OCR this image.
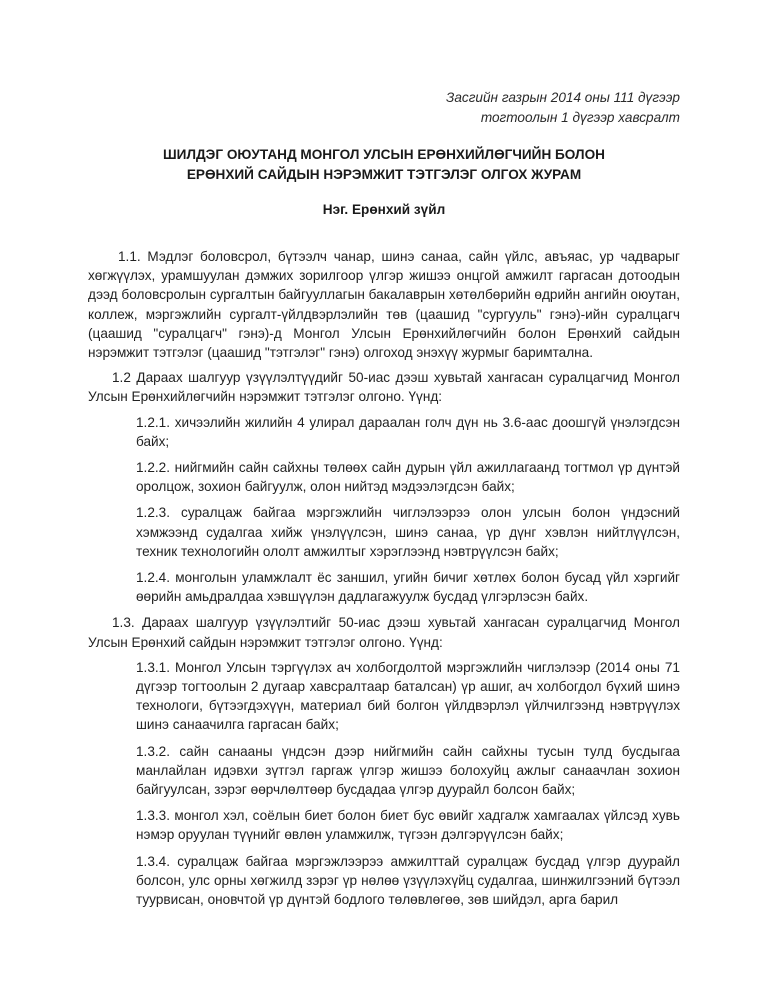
Засгийн газрын 2014 оны 111 дүгээр
тогтоолын 1 дүгээр хавсралт
ШИЛДЭГ ОЮУТАНД МОНГОЛ УЛСЫН ЕРӨНХИЙЛӨГЧИЙН БОЛОН
ЕРӨНХИЙ САЙДЫН НЭРЭМЖИТ ТЭТГЭЛЭГ ОЛГОХ ЖУРАМ
Нэг. Ерөнхий зүйл

1.1. Мэдлэг боловсрол, бүтээлч чанар, шинэ санаа, сайн үйлс, авъяас, ур чадварыг хөгжүүлэх, урамшуулан дэмжих зорилгоор үлгэр жишээ онцгой амжилт гаргасан дотоодын дээд боловсролын сургалтын байгууллагын бакалаврын хөтөлбөрийн өдрийн ангийн оюутан, коллеж, мэргэжлийн сургалт-үйлдвэрлэлийн төв (цаашид "сургууль" гэнэ)-ийн суралцагч (цаашид "суралцагч" гэнэ)-д Монгол Улсын Ерөнхийлөгчийн болон Ерөнхий сайдын нэрэмжит тэтгэлэг (цаашид "тэтгэлэг" гэнэ) олгоход энэхүү журмыг баримтална.

1.2 Дараах шалгуур үзүүлэлтүүдийг 50-иас дээш хувьтай хангасан суралцагчид Монгол Улсын Ерөнхийлөгчийн нэрэмжит тэтгэлэг олгоно. Үүнд:

1.2.1. хичээлийн жилийн 4 улирал дараалан голч дүн нь 3.6-аас доошгүй үнэлэгдсэн байх;

1.2.2. нийгмийн сайн сайхны төлөөх сайн дурын үйл ажиллагаанд тогтмол үр дүнтэй оролцож, зохион байгуулж, олон нийтэд мэдээлэгдсэн байх;

1.2.3. суралцаж байгаа мэргэжлийн чиглэлээрээ олон улсын болон үндэсний хэмжээнд судалгаа хийж үнэлүүлсэн, шинэ санаа, үр дүнг хэвлэн нийтлүүлсэн, техник технологийн ололт амжилтыг хэрэглээнд нэвтрүүлсэн байх;

1.2.4. монголын уламжлалт ёс заншил, угийн бичиг хөтлөх болон бусад үйл хэргийг өөрийн амьдралдаа хэвшүүлэн дадлагажуулж бусдад үлгэрлэсэн байх.

1.3. Дараах шалгуур үзүүлэлтийг 50-иас дээш хувьтай хангасан суралцагчид Монгол Улсын Ерөнхий сайдын нэрэмжит тэтгэлэг олгоно. Үүнд:

1.3.1. Монгол Улсын тэргүүлэх ач холбогдолтой мэргэжлийн чиглэлээр (2014 оны 71 дүгээр тогтоолын 2 дугаар хавсралтаар баталсан) үр ашиг, ач холбогдол бүхий шинэ технологи, бүтээгдэхүүн, материал бий болгон үйлдвэрлэл үйлчилгээнд нэвтрүүлэх шинэ санаачилга гаргасан байх;

1.3.2. сайн санааны үндсэн дээр нийгмийн сайн сайхны тусын тулд бусдыгаа манлайлан идэвхи зүтгэл гаргаж үлгэр жишээ болохуйц ажлыг санаачлан зохион байгуулсан, зэрэг өөрчлөлтөөр бусдадаа үлгэр дуурайл болсон байх;

1.3.3. монгол хэл, соёлын биет болон биет бус өвийг хадгалж хамгаалах үйлсэд хувь нэмэр оруулан түүнийг өвлөн уламжилж, түгээн дэлгэрүүлсэн байх;

1.3.4. суралцаж байгаа мэргэжлээрээ амжилттай суралцаж бусдад үлгэр дуурайл болсон, улс орны хөгжилд зэрэг үр нөлөө үзүүлэхүйц судалгаа, шинжилгээний бүтээл туурвисан, оновчтой үр дүнтэй бодлого төлөвлөгөө, зөв шийдэл, арга барил
